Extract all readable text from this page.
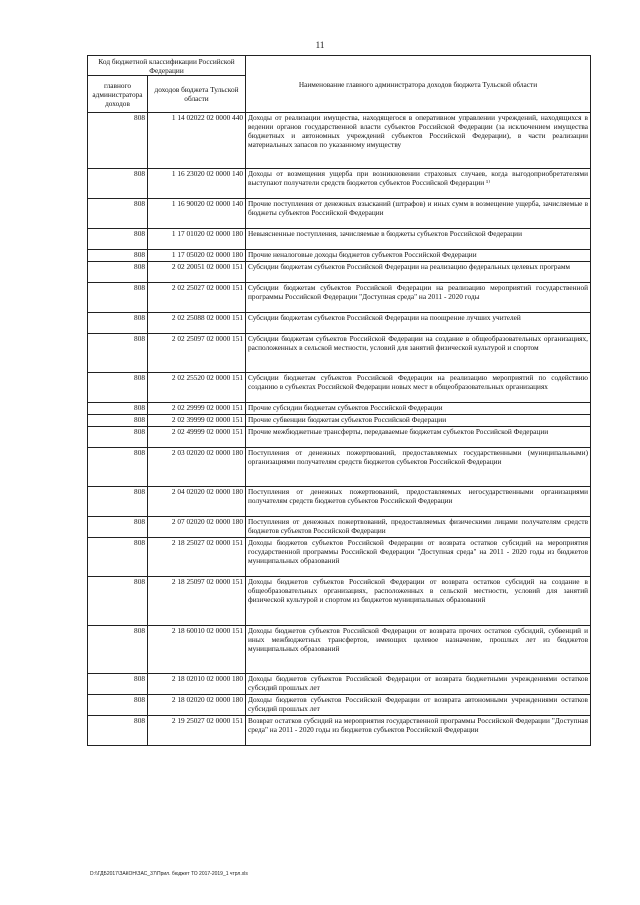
11
Код бюджетной классификации Российской Федерации		Наименование главного администратора доходов бюджета Тульской области
главного администратора доходов	доходов бюджета Тульской области	
808	1 14 02022 02 0000 440	Доходы от реализации имущества, находящегося в оперативном управлении учреждений, находящихся в ведении органов государственной власти субъектов Российской Федерации (за исключением имущества бюджетных и автономных учреждений субъектов Российской Федерации), в части реализации материальных запасов по указанному имуществу
808	1 16 23020 02 0000 140	Доходы от возмещения ущерба при возникновении страховых случаев, когда выгодоприобретателями выступают получатели средств бюджетов субъектов Российской Федерации ¹⁾
808	1 16 90020 02 0000 140	Прочие поступления от денежных взысканий (штрафов) и иных сумм в возмещение ущерба, зачисляемые в бюджеты субъектов Российской Федерации
808	1 17 01020 02 0000 180	Невыясненные поступления, зачисляемые в бюджеты субъектов Российской Федерации
808	1 17 05020 02 0000 180	Прочие неналоговые доходы бюджетов субъектов Российской Федерации
808	2 02 20051 02 0000 151	Субсидии бюджетам субъектов Российской Федерации на реализацию федеральных целевых программ
808	2 02 25027 02 0000 151	Субсидии бюджетам субъектов Российской Федерации на реализацию мероприятий государственной программы Российской Федерации "Доступная среда" на 2011 - 2020 годы
808	2 02 25088 02 0000 151	Субсидии бюджетам субъектов Российской Федерации на поощрение лучших учителей
808	2 02 25097 02 0000 151	Субсидии бюджетам субъектов Российской Федерации на создание в общеобразовательных организациях, расположенных в сельской местности, условий для занятий физической культурой и спортом
808	2 02 25520 02 0000 151	Субсидии бюджетам субъектов Российской Федерации на реализацию мероприятий по содействию созданию в субъектах Российской Федерации новых мест в общеобразовательных организациях
808	2 02 29999 02 0000 151	Прочие субсидии бюджетам субъектов Российской Федерации
808	2 02 39999 02 0000 151	Прочие субвенции бюджетам субъектов Российской Федерации
808	2 02 49999 02 0000 151	Прочие межбюджетные трансферты, передаваемые бюджетам субъектов Российской Федерации
808	2 03 02020 02 0000 180	Поступления от денежных пожертвований, предоставляемых государственными (муниципальными) организациями получателям средств бюджетов субъектов Российской Федерации
808	2 04 02020 02 0000 180	Поступления от денежных пожертвований, предоставляемых негосударственными организациями получателям средств бюджетов субъектов Российской Федерации
808	2 07 02020 02 0000 180	Поступления от денежных пожертвований, предоставляемых физическими лицами получателям средств бюджетов субъектов Российской Федерации
808	2 18 25027 02 0000 151	Доходы бюджетов субъектов Российской Федерации от возврата остатков субсидий на мероприятия государственной программы Российской Федерации "Доступная среда" на 2011 - 2020 годы из бюджетов муниципальных образований
808	2 18 25097 02 0000 151	Доходы бюджетов субъектов Российской Федерации от возврата остатков субсидий на создание в общеобразовательных организациях, расположенных в сельской местности, условий для занятий физической культурой и спортом из бюджетов муниципальных образований
808	2 18 60010 02 0000 151	Доходы бюджетов субъектов Российской Федерации от возврата прочих остатков субсидий, субвенций и иных межбюджетных трансфертов, имеющих целевое назначение, прошлых лет из бюджетов муниципальных образований
808	2 18 02010 02 0000 180	Доходы бюджетов субъектов Российской Федерации от возврата бюджетными учреждениями остатков субсидий прошлых лет
808	2 18 02020 02 0000 180	Доходы бюджетов субъектов Российской Федерации от возврата автономными учреждениями остатков субсидий прошлых лет
808	2 19 25027 02 0000 151	Возврат остатков субсидий на мероприятия государственной программы Российской Федерации "Доступная среда" на 2011 - 2020 годы из бюджетов субъектов Российской Федерации
D:\\ГДБ2017\ЗАКОН\ЗАС_37\Прил. бюджет ТО 2017-2019_1 чтрл.xls
